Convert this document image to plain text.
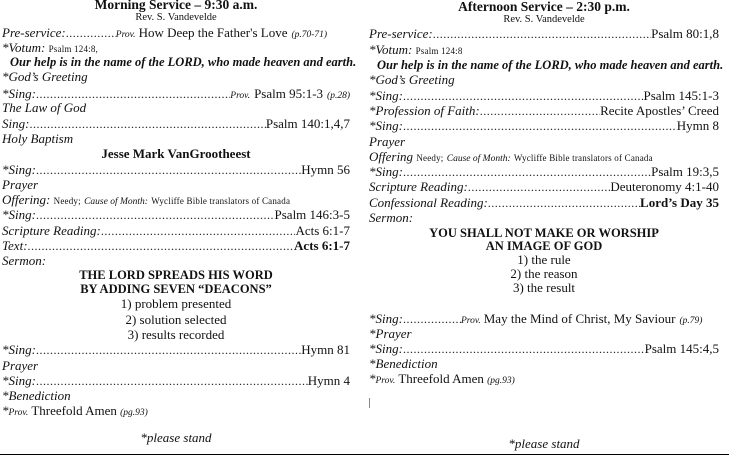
Morning Service – 9:30 a.m.
Rev. S. Vandevelde
Pre-service: .....	Prov. How Deep the Father's Love (p.70-71)
*Votum: Psalm 124:8,
Our help is in the name of the LORD, who made heaven and earth.
*God’s Greeting
*Sing: .....	Prov. Psalm 95:1-3 (p.28)
The Law of God
Sing: .....	Psalm 140:1,4,7
Holy Baptism
Jesse Mark VanGrootheest
*Sing: .....	Hymn 56
Prayer
Offering: Needy; Cause of Month: Wycliffe Bible translators of Canada
*Sing: .....	Psalm 146:3-5
Scripture Reading: .....	Acts 6:1-7
Text: .....	Acts 6:1-7
Sermon:
THE LORD SPREADS HIS WORD
BY ADDING SEVEN “DEACONS”
1) problem presented
2) solution selected
3) results recorded
*Sing: .....	Hymn 81
Prayer
*Sing: .....	Hymn 4
*Benediction
*Prov. Threefold Amen (pg.93)
*please stand
Afternoon Service – 2:30 p.m.
Rev. S. Vandevelde
Pre-service: .....	Psalm 80:1,8
*Votum: Psalm 124:8
Our help is in the name of the LORD, who made heaven and earth.
*God’s Greeting
*Sing: .....	Psalm 145:1-3
*Profession of Faith: .....	Recite Apostles’ Creed
*Sing: .....	Hymn 8
Prayer
Offering Needy; Cause of Month: Wycliffe Bible translators of Canada
*Sing: .....	Psalm 19:3,5
Scripture Reading: .....	Deuteronomy 4:1-40
Confessional Reading: .....	Lord’s Day 35
Sermon:
YOU SHALL NOT MAKE OR WORSHIP
AN IMAGE OF GOD
1) the rule
2) the reason
3) the result
*Sing: .....	Prov. May the Mind of Christ, My Saviour (p.79)
*Prayer
*Sing: .....	Psalm 145:4,5
*Benediction
*Prov. Threefold Amen (pg.93)
*please stand
